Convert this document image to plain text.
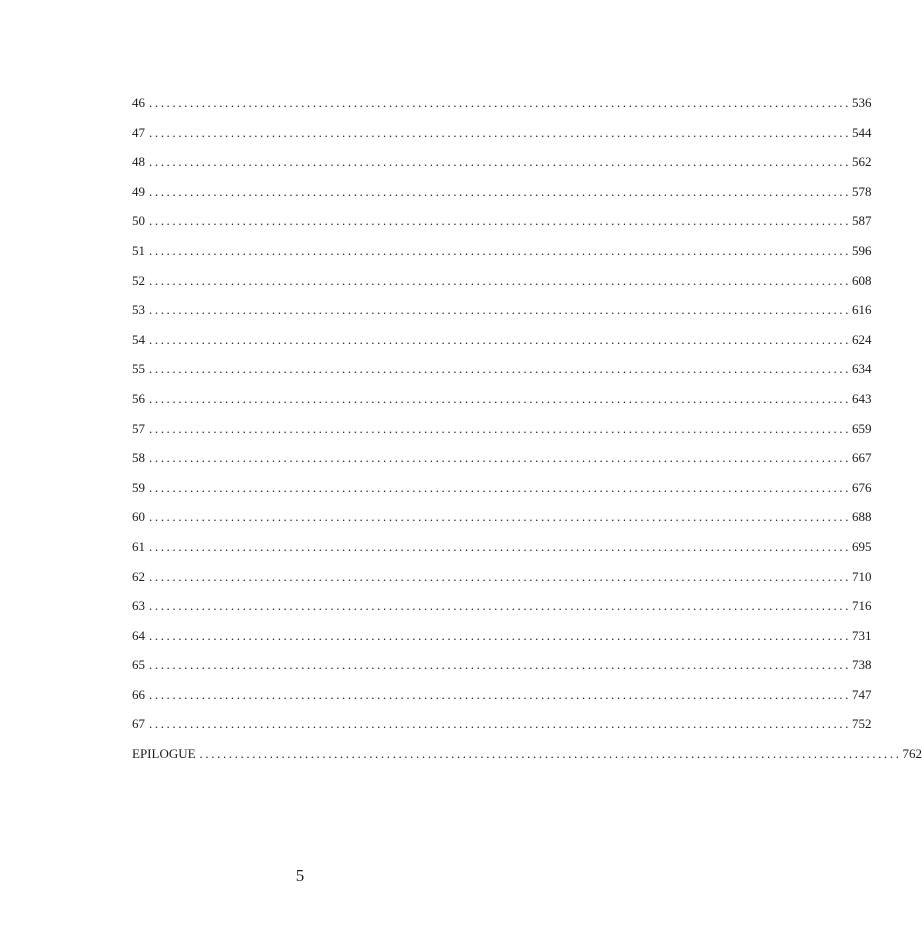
46 ........................................................................................................................ 536
47 ........................................................................................................................ 544
48 ........................................................................................................................ 562
49 ........................................................................................................................ 578
50 ........................................................................................................................ 587
51 ........................................................................................................................ 596
52 ........................................................................................................................ 608
53 ........................................................................................................................ 616
54 ........................................................................................................................ 624
55 ........................................................................................................................ 634
56 ........................................................................................................................ 643
57 ........................................................................................................................ 659
58 ........................................................................................................................ 667
59 ........................................................................................................................ 676
60 ........................................................................................................................ 688
61 ........................................................................................................................ 695
62 ........................................................................................................................ 710
63 ........................................................................................................................ 716
64 ........................................................................................................................ 731
65 ........................................................................................................................ 738
66 ........................................................................................................................ 747
67 ........................................................................................................................ 752
EPILOGUE ........................................................................................................................ 762
5
